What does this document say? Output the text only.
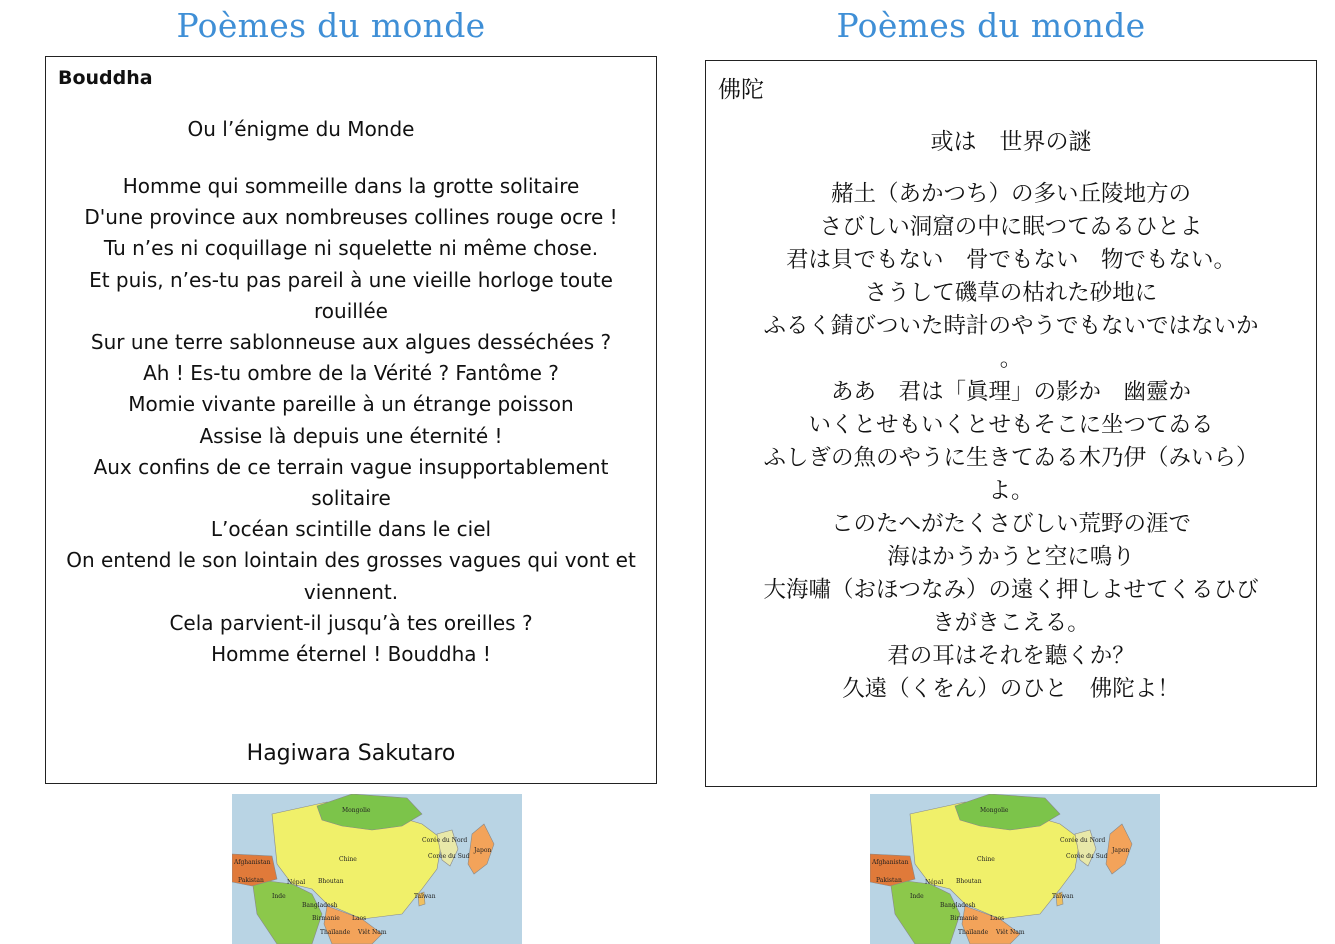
Poèmes du monde	Poèmes du monde
Bouddha
Ou l’énigme du Monde
Homme qui sommeille dans la grotte solitaire
D'une province aux nombreuses collines rouge ocre !
Tu n’es ni coquillage ni squelette ni même chose.
Et puis, n’es-tu pas pareil à une vieille horloge toute
rouillée
Sur une terre sablonneuse aux algues desséchées ?
Ah ! Es-tu ombre de la Vérité ? Fantôme ?
Momie vivante pareille à un étrange poisson
Assise là depuis une éternité !
Aux confins de ce terrain vague insupportablement
solitaire
L’océan scintille dans le ciel
On entend le son lointain des grosses vagues qui vont et
viennent.
Cela parvient-il jusqu’à tes oreilles ?
Homme éternel ! Bouddha !
Hagiwara Sakutaro
佛陀
或は　世界の謎
赭土（あかつち）の多い丘陵地方の
さびしい洞窟の中に眠つてゐるひとよ
君は貝でもない　骨でもない　物でもない。
さうして磯草の枯れた砂地に
ふるく錆びついた時計のやうでもないではないか
。
ああ　君は「眞理」の影か　幽靈か
いくとせもいくとせもそこに坐つてゐる
ふしぎの魚のやうに生きてゐる木乃伊（みいら）
よ。
このたへがたくさびしい荒野の涯で
海はかうかうと空に鳴り
大海嘯（おほつなみ）の遠く押しよせてくるひび
きがきこえる。
君の耳はそれを聽くか？
久遠（くをん）のひと　佛陀よ！
Mongolie
Chine
Corée du Nord
Corée du Sud
Japon
Afghanistan
Pakistan	Népal Bhoutan
Inde
Bangladesh
Taïwan
Birmanie Laos
Thaïlande Viêt Nam
Mongolie
Chine
Corée du Nord
Corée du Sud
Japon
Afghanistan
Pakistan	Népal Bhoutan
Inde
Bangladesh
Taïwan
Birmanie Laos
Thaïlande Viêt Nam
